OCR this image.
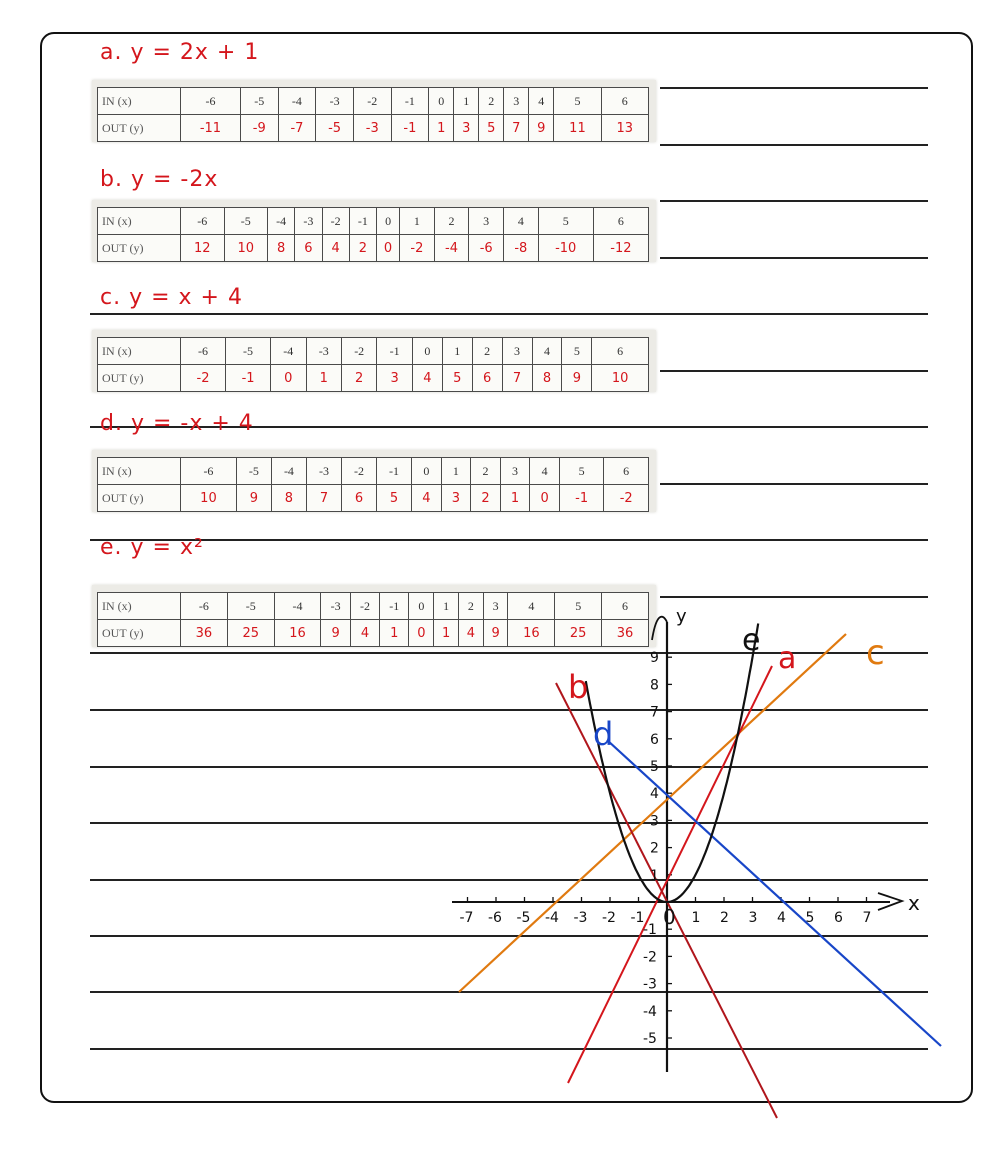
a. y = 2x + 1
b. y = -2x
c. y = x + 4
d. y = -x + 4
e. y = x²
IN (x)	-6	-5	-4	-3	-2	-1	0	1	2	3	4	5	6
OUT (y)	-11	-9	-7	-5	-3	-1	1	3	5	7	9	11	13
IN (x)	-6	-5	-4	-3	-2	-1	0	1	2	3	4	5	6
OUT (y)	12	10	8	6	4	2	0	-2	-4	-6	-8	-10	-12
IN (x)	-6	-5	-4	-3	-2	-1	0	1	2	3	4	5	6
OUT (y)	-2	-1	0	1	2	3	4	5	6	7	8	9	10
IN (x)	-6	-5	-4	-3	-2	-1	0	1	2	3	4	5	6
OUT (y)	10	9	8	7	6	5	4	3	2	1	0	-1	-2
IN (x)	-6	-5	-4	-3	-2	-1	0	1	2	3	4	5	6
OUT (y)	36	25	16	9	4	1	0	1	4	9	16	25	36
-7 -6 -5 -4 -3 -2 -1 0 1 2 3 4 5 6 7
9
8
7
6
5
4
3
2
1
-1
-2
-3
-4
-5
x
y
e
a c
b
d
